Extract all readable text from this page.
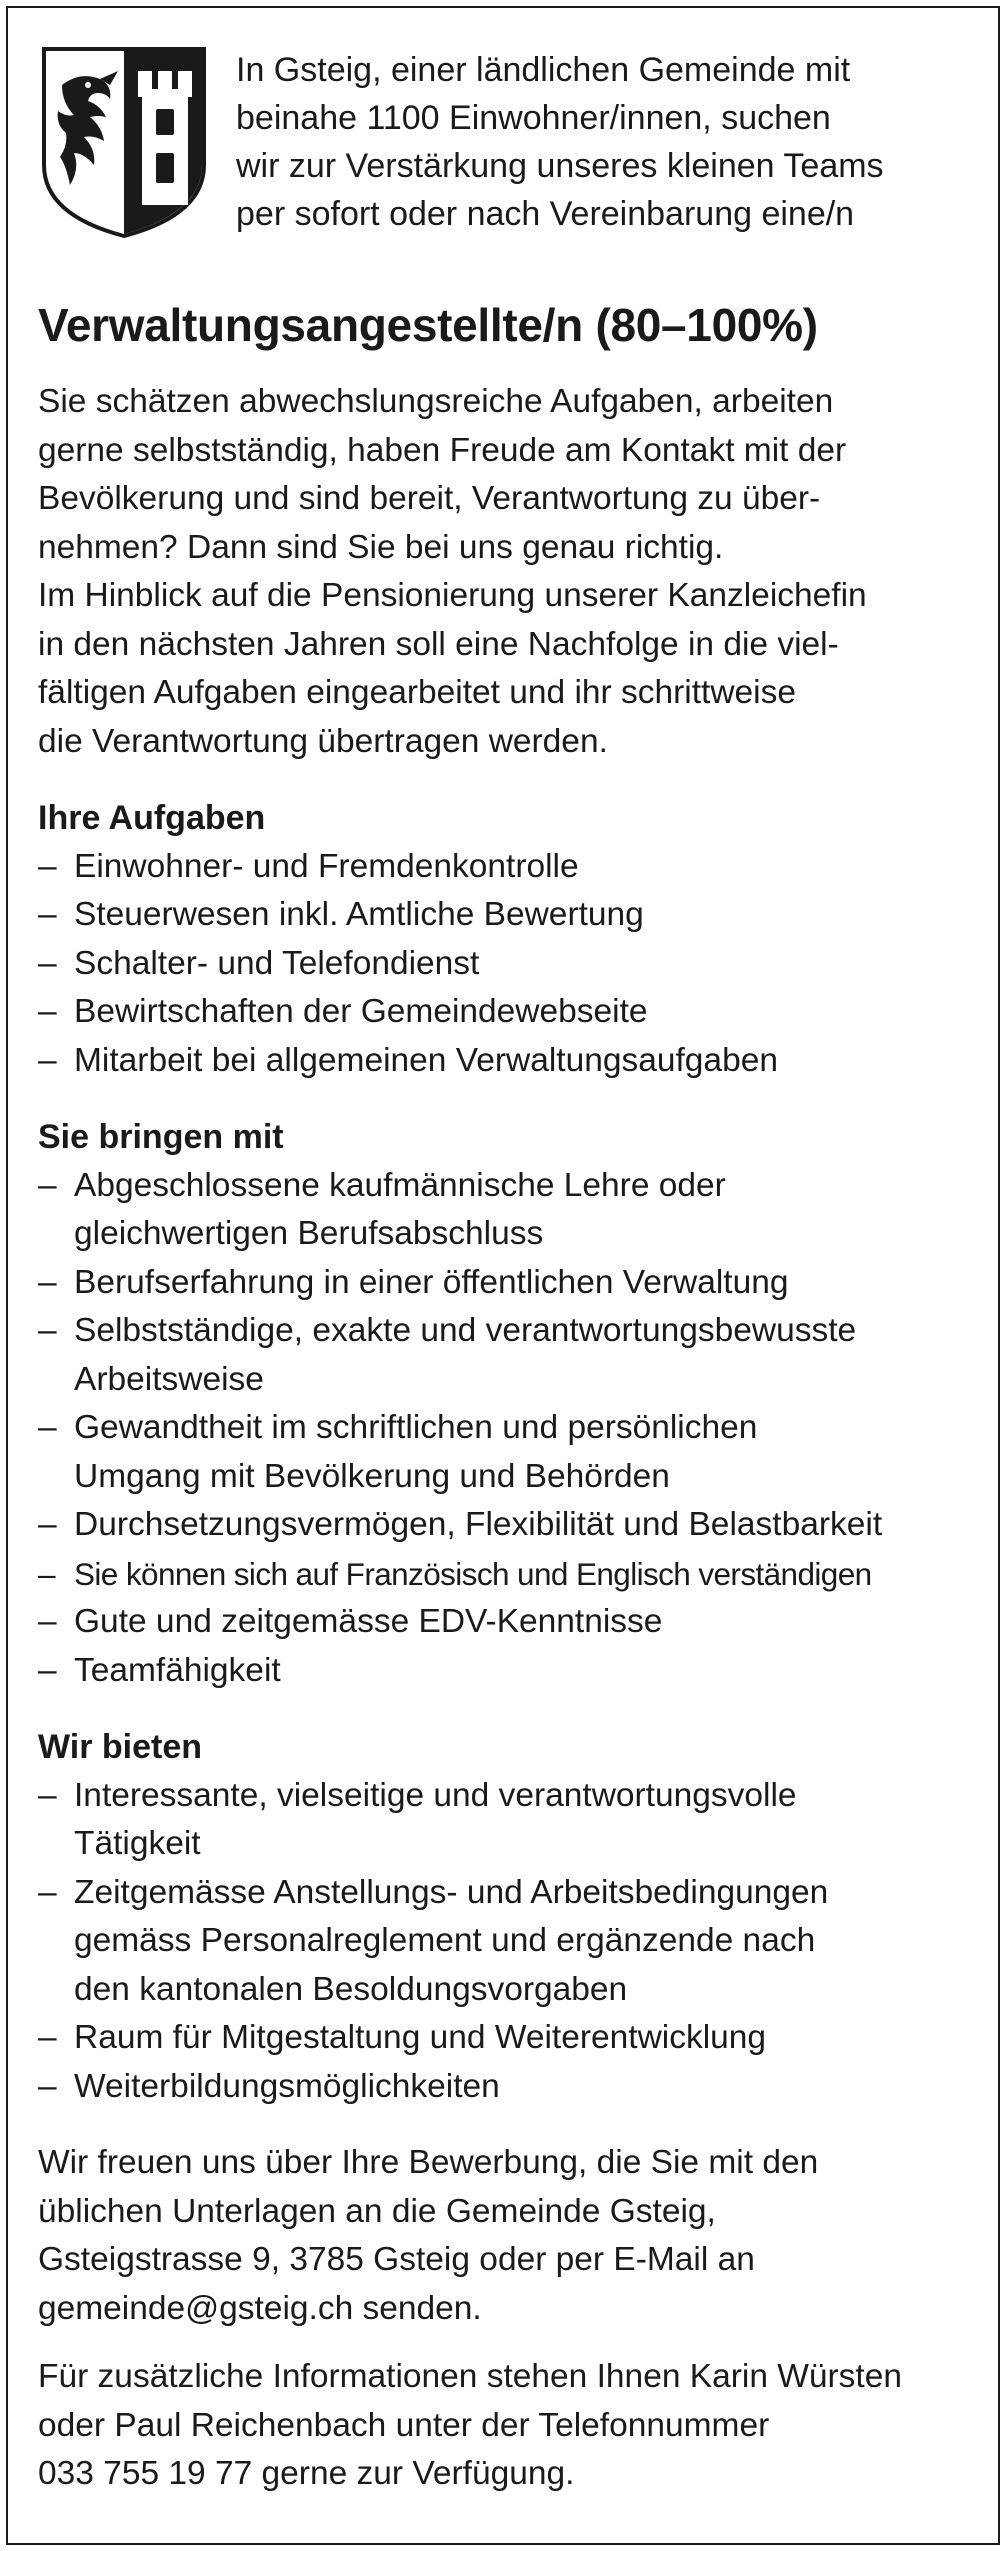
In Gsteig, einer ländlichen Gemeinde mit
beinahe 1100 Einwohner/innen, suchen
wir zur Verstärkung unseres kleinen Teams
per sofort oder nach Vereinbarung eine/n
Verwaltungsangestellte/n (80–100%)
Sie schätzen abwechslungsreiche Aufgaben, arbeiten
gerne selbstständig, haben Freude am Kontakt mit der
Bevölkerung und sind bereit, Verantwortung zu über-
nehmen? Dann sind Sie bei uns genau richtig.
Im Hinblick auf die Pensionierung unserer Kanzleichefin
in den nächsten Jahren soll eine Nachfolge in die viel-
fältigen Aufgaben eingearbeitet und ihr schrittweise
die Verantwortung übertragen werden.
Ihre Aufgaben
– Einwohner- und Fremdenkontrolle
– Steuerwesen inkl. Amtliche Bewertung
– Schalter- und Telefondienst
– Bewirtschaften der Gemeindewebseite
– Mitarbeit bei allgemeinen Verwaltungsaufgaben
Sie bringen mit
– Abgeschlossene kaufmännische Lehre oder
gleichwertigen Berufsabschluss
– Berufserfahrung in einer öffentlichen Verwaltung
– Selbstständige, exakte und verantwortungsbewusste
Arbeitsweise
– Gewandtheit im schriftlichen und persönlichen
Umgang mit Bevölkerung und Behörden
– Durchsetzungsvermögen, Flexibilität und Belastbarkeit
– Sie können sich auf Französisch und Englisch verständigen
– Gute und zeitgemässe EDV-Kenntnisse
– Teamfähigkeit
Wir bieten
– Interessante, vielseitige und verantwortungsvolle
Tätigkeit
– Zeitgemässe Anstellungs- und Arbeitsbedingungen
gemäss Personalreglement und ergänzende nach
den kantonalen Besoldungsvorgaben
– Raum für Mitgestaltung und Weiterentwicklung
– Weiterbildungsmöglichkeiten
Wir freuen uns über Ihre Bewerbung, die Sie mit den
üblichen Unterlagen an die Gemeinde Gsteig,
Gsteigstrasse 9, 3785 Gsteig oder per E-Mail an
gemeinde@gsteig.ch senden.
Für zusätzliche Informationen stehen Ihnen Karin Würsten
oder Paul Reichenbach unter der Telefonnummer
033 755 19 77 gerne zur Verfügung.
